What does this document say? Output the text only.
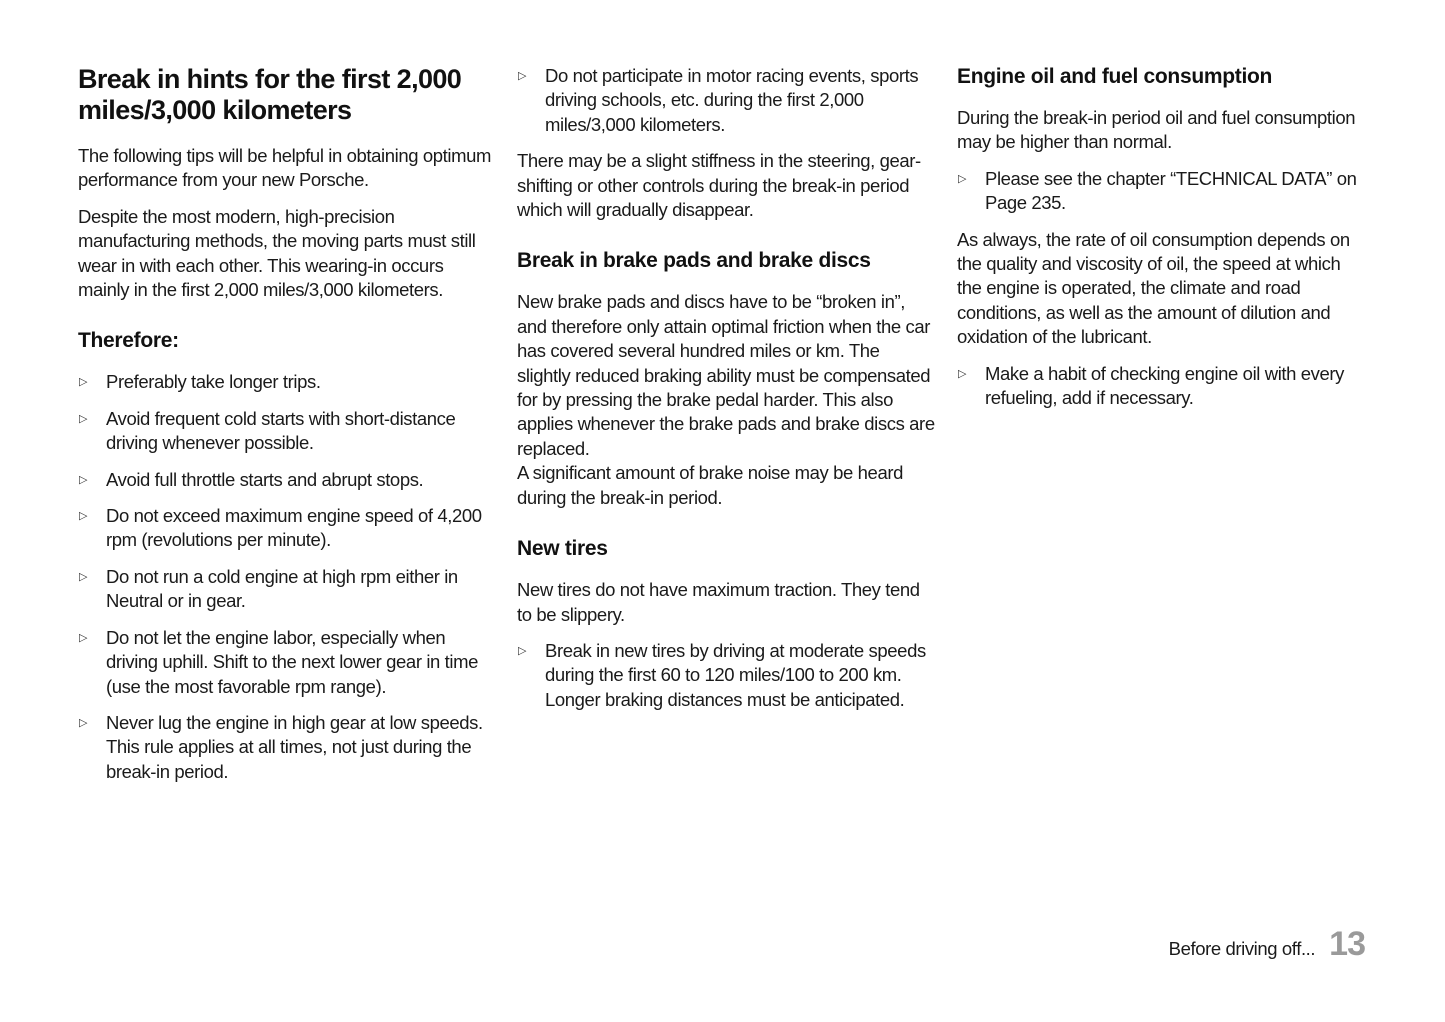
Break in hints for the first 2,000 miles/3,000 kilometers

The following tips will be helpful in obtaining optimum performance from your new Porsche.

Despite the most modern, high-precision manufacturing methods, the moving parts must still wear in with each other. This wearing-in occurs mainly in the first 2,000 miles/3,000 kilometers.

Therefore:
▷ Preferably take longer trips.
▷ Avoid frequent cold starts with short-distance driving whenever possible.
▷ Avoid full throttle starts and abrupt stops.
▷ Do not exceed maximum engine speed of 4,200 rpm (revolutions per minute).
▷ Do not run a cold engine at high rpm either in Neutral or in gear.
▷ Do not let the engine labor, especially when driving uphill. Shift to the next lower gear in time (use the most favorable rpm range).
▷ Never lug the engine in high gear at low speeds. This rule applies at all times, not just during the break-in period.
▷ Do not participate in motor racing events, sports driving schools, etc. during the first 2,000 miles/3,000 kilometers.

There may be a slight stiffness in the steering, gear-shifting or other controls during the break-in period which will gradually disappear.

Break in brake pads and brake discs

New brake pads and discs have to be “broken in”, and therefore only attain optimal friction when the car has covered several hundred miles or km. The slightly reduced braking ability must be compensated for by pressing the brake pedal harder. This also applies whenever the brake pads and brake discs are replaced.

A significant amount of brake noise may be heard during the break-in period.

New tires

New tires do not have maximum traction. They tend to be slippery.

▷ Break in new tires by driving at moderate speeds during the first 60 to 120 miles/100 to 200 km. Longer braking distances must be anticipated.
Engine oil and fuel consumption

During the break-in period oil and fuel consumption may be higher than normal.

▷ Please see the chapter “TECHNICAL DATA” on Page 235.

As always, the rate of oil consumption depends on the quality and viscosity of oil, the speed at which the engine is operated, the climate and road conditions, as well as the amount of dilution and oxidation of the lubricant.

▷ Make a habit of checking engine oil with every refueling, add if necessary.
Before driving off... 13
